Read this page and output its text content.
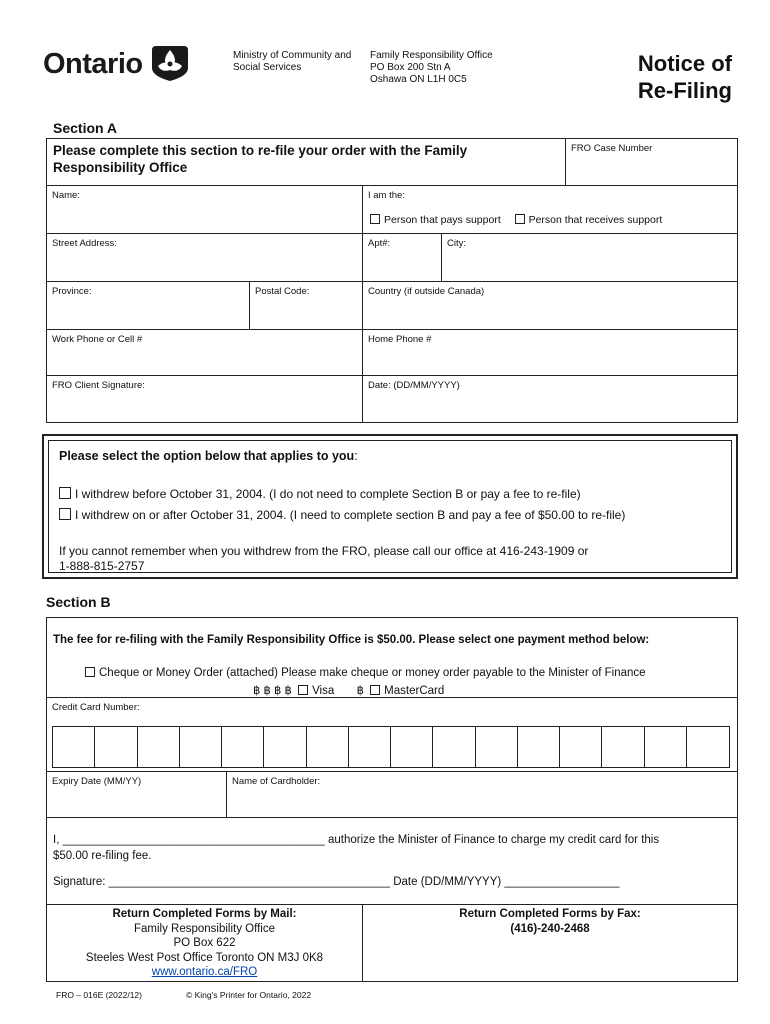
Ontario	Ministry of Community and Social Services
Family Responsibility Office
PO Box 200 Stn A
Oshawa ON L1H 0C5
Notice of
Re-Filing
Section A
Please complete this section to re-file your order with the Family Responsibility Office
FRO Case Number
Name:	I am the:
Person that pays support	Person that receives support
Street Address:	Apt#:	City:
Province:	Postal Code:	Country (if outside Canada)
Work Phone or Cell #	Home Phone #
FRO Client Signature:	Date: (DD/MM/YYYY)
Please select the option below that applies to you:
I withdrew before October 31, 2004. (I do not need to complete Section B or pay a fee to re-file)
I withdrew on or after October 31, 2004. (I need to complete section B and pay a fee of $50.00 to re-file)
If you cannot remember when you withdrew from the FRO, please call our office at 416-243-1909 or
1-888-815-2757
Section B
The fee for re-filing with the Family Responsibility Office is $50.00. Please select one payment method below:
Cheque or Money Order (attached) Please make cheque or money order payable to the Minister of Finance
฿ ฿ ฿ ฿ Visa ฿ MasterCard
Credit Card Number:
Expiry Date (MM/YY)	Name of Cardholder:
I, _________________________________________ authorize the Minister of Finance to charge my credit card for this
$50.00 re-filing fee.
Signature: ____________________________________________ Date (DD/MM/YYYY) __________________
Return Completed Forms by Mail:
Family Responsibility Office
PO Box 622
Steeles West Post Office Toronto ON M3J 0K8
www.ontario.ca/FRO
Return Completed Forms by Fax:
(416)-240-2468
FRO – 016E (2022/12)	© King's Printer for Ontario, 2022
